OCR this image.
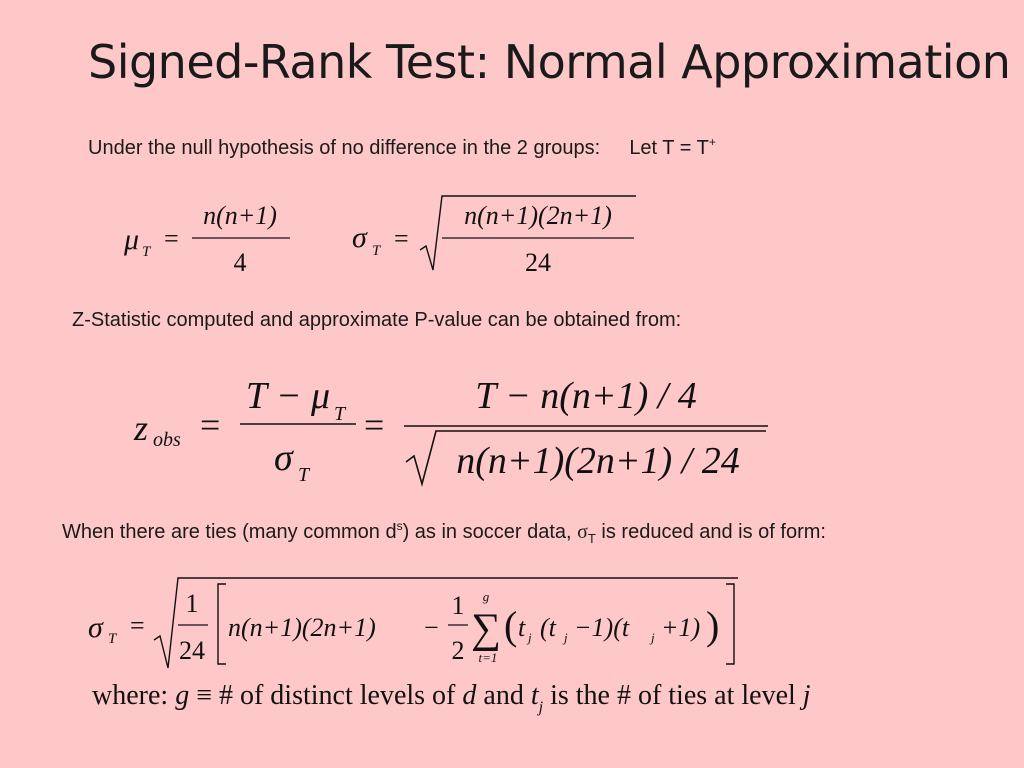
Signed-Rank Test: Normal Approximation
Under the null hypothesis of no difference in the 2 groups: Let T = T+
Z-Statistic computed and approximate P-value can be obtained from:
When there are ties (many common $d^s$) as in soccer data, $\sigma_T$ is reduced and is of form:
μ T =
n(n+1)
4
σ T =
n(n+1)(2n+1)
24
z obs =
T − μ T
σ T
=
T − n(n+1) / 4
n(n+1)(2n+1) / 24
σ T =
1
24
n(n+1)(2n+1) −
1
2
g
∑
t=1
( t j (t j −1)(t j +1) )
where: g ≡ # of distinct levels of d and $t_j$ is the # of ties at level j
